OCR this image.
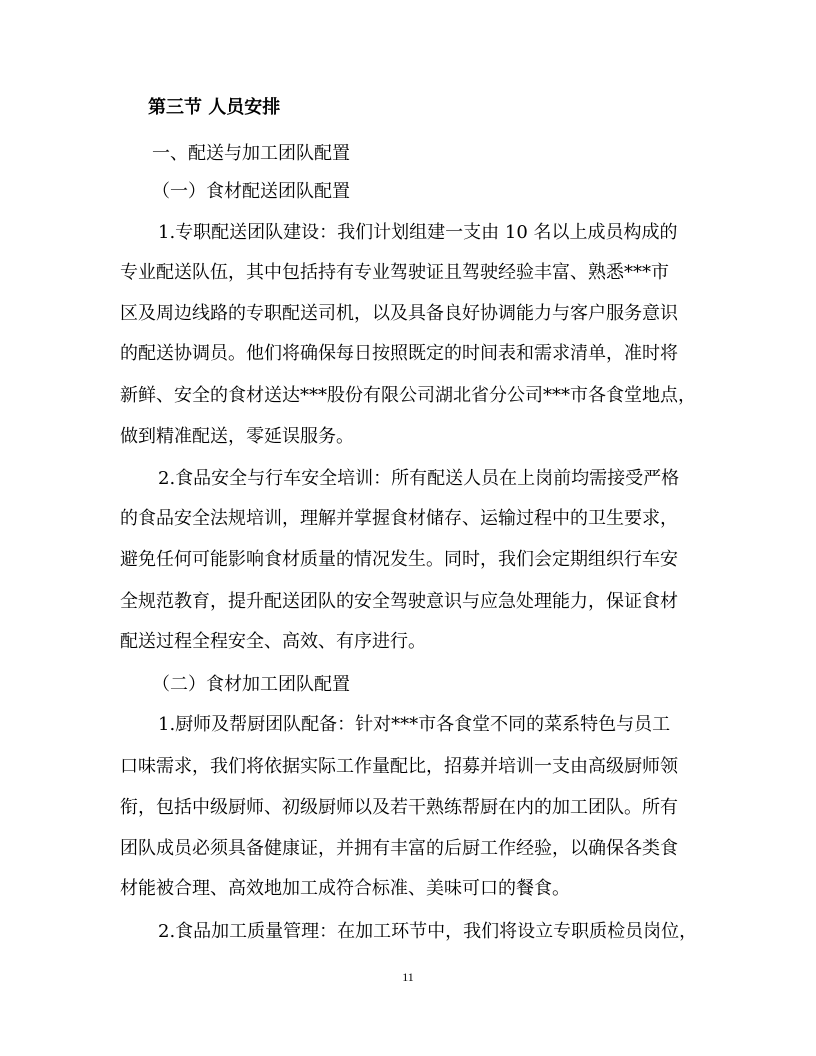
第三节 人员安排
一、配送与加工团队配置
（一）食材配送团队配置
1.专职配送团队建设：我们计划组建一支由 10 名以上成员构成的
专业配送队伍，其中包括持有专业驾驶证且驾驶经验丰富、熟悉***市
区及周边线路的专职配送司机，以及具备良好协调能力与客户服务意识
的配送协调员。他们将确保每日按照既定的时间表和需求清单，准时将
新鲜、安全的食材送达***股份有限公司湖北省分公司***市各食堂地点，
做到精准配送，零延误服务。
2.食品安全与行车安全培训：所有配送人员在上岗前均需接受严格
的食品安全法规培训，理解并掌握食材储存、运输过程中的卫生要求，
避免任何可能影响食材质量的情况发生。同时，我们会定期组织行车安
全规范教育，提升配送团队的安全驾驶意识与应急处理能力，保证食材
配送过程全程安全、高效、有序进行。
（二）食材加工团队配置
1.厨师及帮厨团队配备：针对***市各食堂不同的菜系特色与员工
口味需求，我们将依据实际工作量配比，招募并培训一支由高级厨师领
衔，包括中级厨师、初级厨师以及若干熟练帮厨在内的加工团队。所有
团队成员必须具备健康证，并拥有丰富的后厨工作经验，以确保各类食
材能被合理、高效地加工成符合标准、美味可口的餐食。
2.食品加工质量管理：在加工环节中，我们将设立专职质检员岗位，
11
